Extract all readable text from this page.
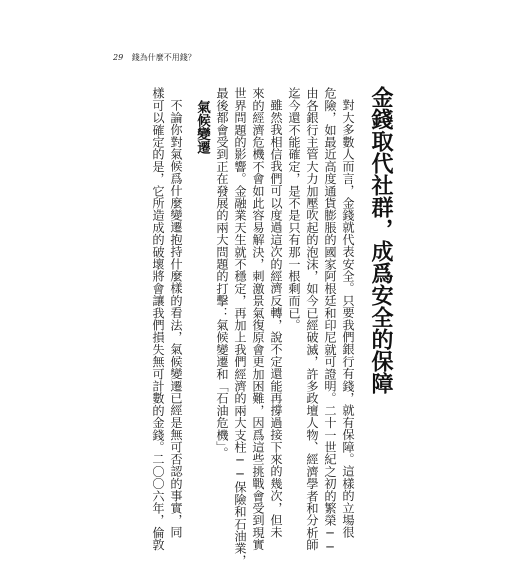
29 錢為什麼不用錢？
金錢取代社群，成爲安全的保障
對大多數人而言，金錢就代表安全。只要我們銀行有錢，就有保障。這樣的立場很
危險，如最近高度通貨膨脹的國家阿根廷和印尼就可證明。二十一世紀之初的繁榮──
由各銀行主管大力加壓吹起的泡沫，如今已經破滅，許多政壇人物、經濟學者和分析師
迄今還不能確定，是不是只有那一根剩而已。
雖然我相信我們可以度過這次的經濟反轉，說不定還能再撐過接下來的幾次，但未
來的經濟危機不會如此容易解決，刺激景氣復原會更加困難，因爲這些挑戰會受到現實
世界問題的影響。金融業天生就不穩定，再加上我們經濟的兩大支柱──保險和石油業，
最後都會受到正在發展的兩大問題的打擊：氣候變遷和「石油危機」。
氣候變遷
不論你對氣候爲什麼變遷抱持什麼樣的看法，氣候變遷已經是無可否認的事實，同
樣可以確定的是，它所造成的破壞將會讓我們損失無可計數的金錢。二〇〇六年，倫敦
